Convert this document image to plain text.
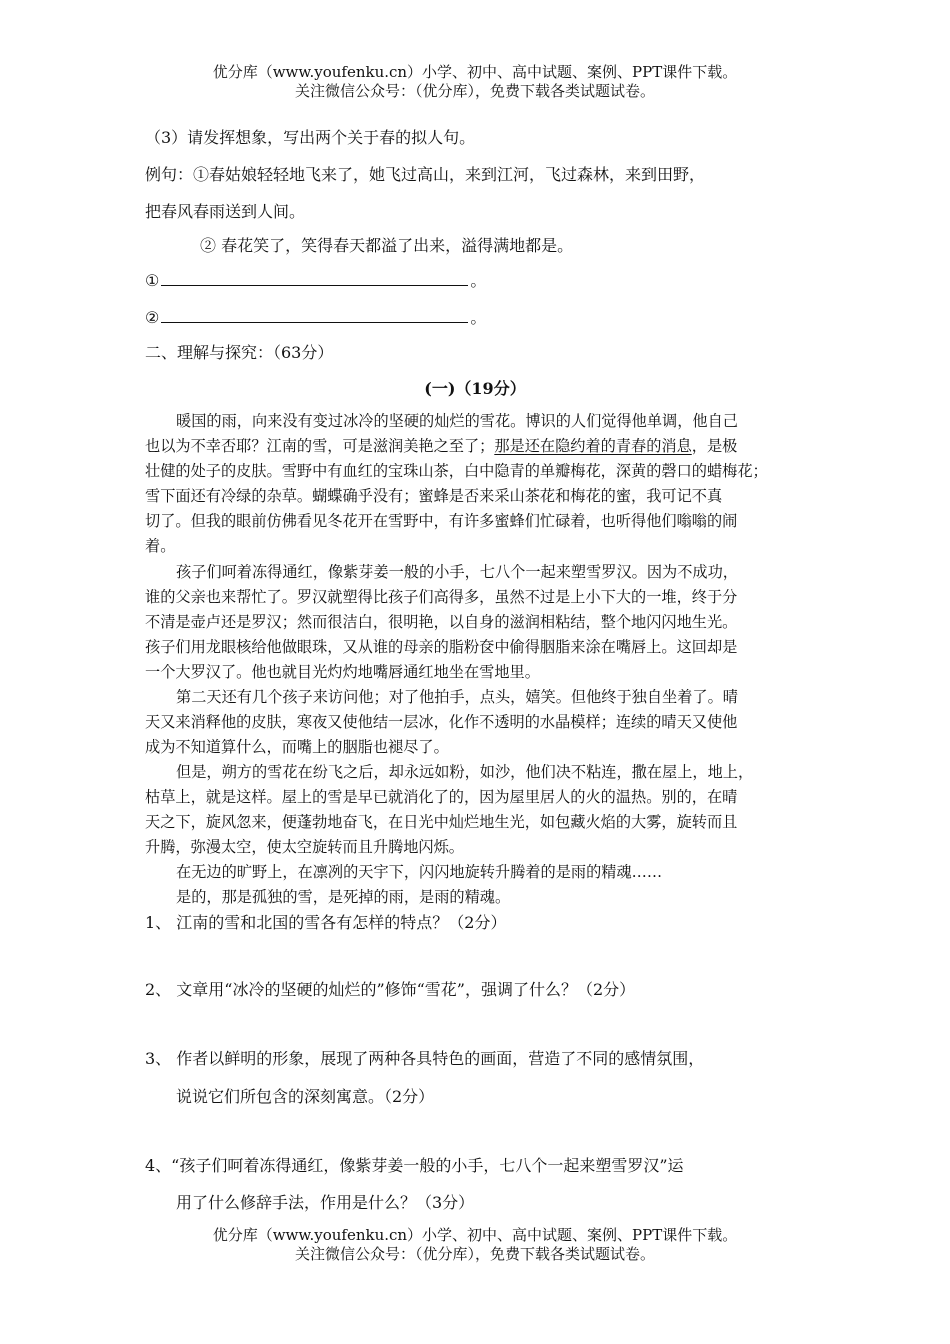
优分库（www.youfenku.cn）小学、初中、高中试题、案例、PPT课件下载。
关注微信公众号：（优分库），免费下载各类试题试卷。
（3）请发挥想象，写出两个关于春的拟人句。
例句：①春姑娘轻轻地飞来了，她飞过高山，来到江河，飞过森林，来到田野，
把春风春雨送到人间。
② 春花笑了，笑得春天都溢了出来，溢得满地都是。
①	。
②	。
二、理解与探究：（63分）
(一)（19分）
暖国的雨，向来没有变过冰冷的坚硬的灿烂的雪花。博识的人们觉得他单调，他自己
也以为不幸否耶？江南的雪，可是滋润美艳之至了；那是还在隐约着的青春的消息，是极
壮健的处子的皮肤。雪野中有血红的宝珠山茶，白中隐青的单瓣梅花，深黄的磬口的蜡梅花；
雪下面还有冷绿的杂草。蝴蝶确乎没有；蜜蜂是否来采山茶花和梅花的蜜，我可记不真
切了。但我的眼前仿佛看见冬花开在雪野中，有许多蜜蜂们忙碌着，也听得他们嗡嗡的闹
着。
孩子们呵着冻得通红，像紫芽姜一般的小手，七八个一起来塑雪罗汉。因为不成功，
谁的父亲也来帮忙了。罗汉就塑得比孩子们高得多，虽然不过是上小下大的一堆，终于分
不清是壶卢还是罗汉；然而很洁白，很明艳，以自身的滋润相粘结，整个地闪闪地生光。
孩子们用龙眼核给他做眼珠，又从谁的母亲的脂粉奁中偷得胭脂来涂在嘴唇上。这回却是
一个大罗汉了。他也就目光灼灼地嘴唇通红地坐在雪地里。
第二天还有几个孩子来访问他；对了他拍手，点头，嬉笑。但他终于独自坐着了。晴
天又来消释他的皮肤，寒夜又使他结一层冰，化作不透明的水晶模样；连续的晴天又使他
成为不知道算什么，而嘴上的胭脂也褪尽了。
但是，朔方的雪花在纷飞之后，却永远如粉，如沙，他们决不粘连，撒在屋上，地上，
枯草上，就是这样。屋上的雪是早已就消化了的，因为屋里居人的火的温热。别的，在晴
天之下，旋风忽来，便蓬勃地奋飞，在日光中灿烂地生光，如包藏火焰的大雾，旋转而且
升腾，弥漫太空，使太空旋转而且升腾地闪烁。
在无边的旷野上，在凛冽的天宇下，闪闪地旋转升腾着的是雨的精魂……
是的，那是孤独的雪，是死掉的雨，是雨的精魂。
1、 江南的雪和北国的雪各有怎样的特点？（2分）
2、 文章用“冰冷的坚硬的灿烂的”修饰“雪花”，强调了什么？（2分）
3、 作者以鲜明的形象，展现了两种各具特色的画面，营造了不同的感情氛围，
说说它们所包含的深刻寓意。（2分）
4、“孩子们呵着冻得通红，像紫芽姜一般的小手，七八个一起来塑雪罗汉”运
用了什么修辞手法，作用是什么？（3分）
优分库（www.youfenku.cn）小学、初中、高中试题、案例、PPT课件下载。
关注微信公众号：（优分库），免费下载各类试题试卷。
